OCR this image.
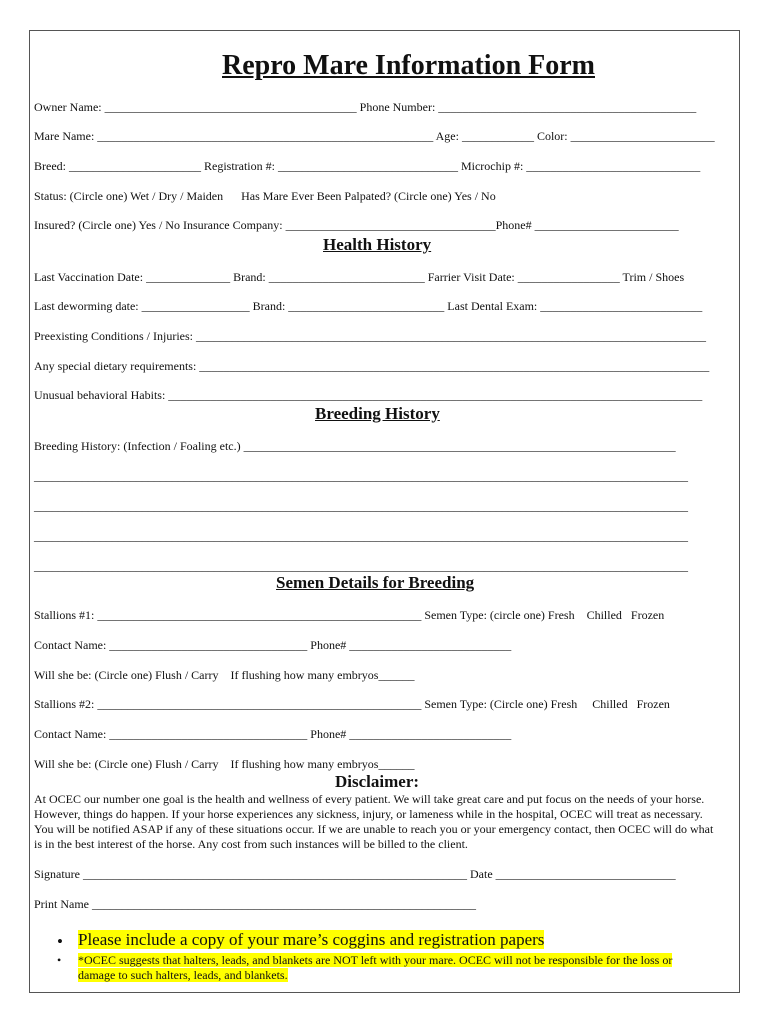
Repro Mare Information Form
Owner Name: __________________________________________ Phone Number: ___________________________________________
Mare Name: ________________________________________________________ Age: ____________ Color: ________________________
Breed: ______________________ Registration #: ______________________________ Microchip #: _____________________________
Status: (Circle one) Wet / Dry / Maiden      Has Mare Ever Been Palpated? (Circle one) Yes / No
Insured? (Circle one) Yes / No Insurance Company: ___________________________________Phone# ________________________
Health History
Last Vaccination Date: ______________ Brand: __________________________ Farrier Visit Date: _________________ Trim / Shoes
Last deworming date: __________________ Brand: __________________________ Last Dental Exam: ___________________________
Preexisting Conditions / Injuries: _____________________________________________________________________________________
Any special dietary requirements: _____________________________________________________________________________________
Unusual behavioral Habits: _________________________________________________________________________________________
Breeding History
Breeding History: (Infection / Foaling etc.) ________________________________________________________________________
_____________________________________________________________________________________________________________
_____________________________________________________________________________________________________________
_____________________________________________________________________________________________________________
_____________________________________________________________________________________________________________
Semen Details for Breeding
Stallions #1: ______________________________________________________ Semen Type: (circle one) Fresh    Chilled   Frozen
Contact Name: _________________________________ Phone# ___________________________
Will she be: (Circle one) Flush / Carry    If flushing how many embryos______
Stallions #2: ______________________________________________________ Semen Type: (Circle one) Fresh     Chilled   Frozen
Contact Name: _________________________________ Phone# ___________________________
Will she be: (Circle one) Flush / Carry    If flushing how many embryos______
Disclaimer:
At OCEC our number one goal is the health and wellness of every patient. We will take great care and put focus on the needs of your horse. However, things do happen. If your horse experiences any sickness, injury, or lameness while in the hospital, OCEC will treat as necessary. You will be notified ASAP if any of these situations occur. If we are unable to reach you or your emergency contact, then OCEC will do what is in the best interest of the horse. Any cost from such instances will be billed to the client.
Signature ________________________________________________________________ Date ______________________________
Print Name ________________________________________________________________
• Please include a copy of your mare’s coggins and registration papers
• *OCEC suggests that halters, leads, and blankets are NOT left with your mare. OCEC will not be responsible for the loss or damage to such halters, leads, and blankets.
